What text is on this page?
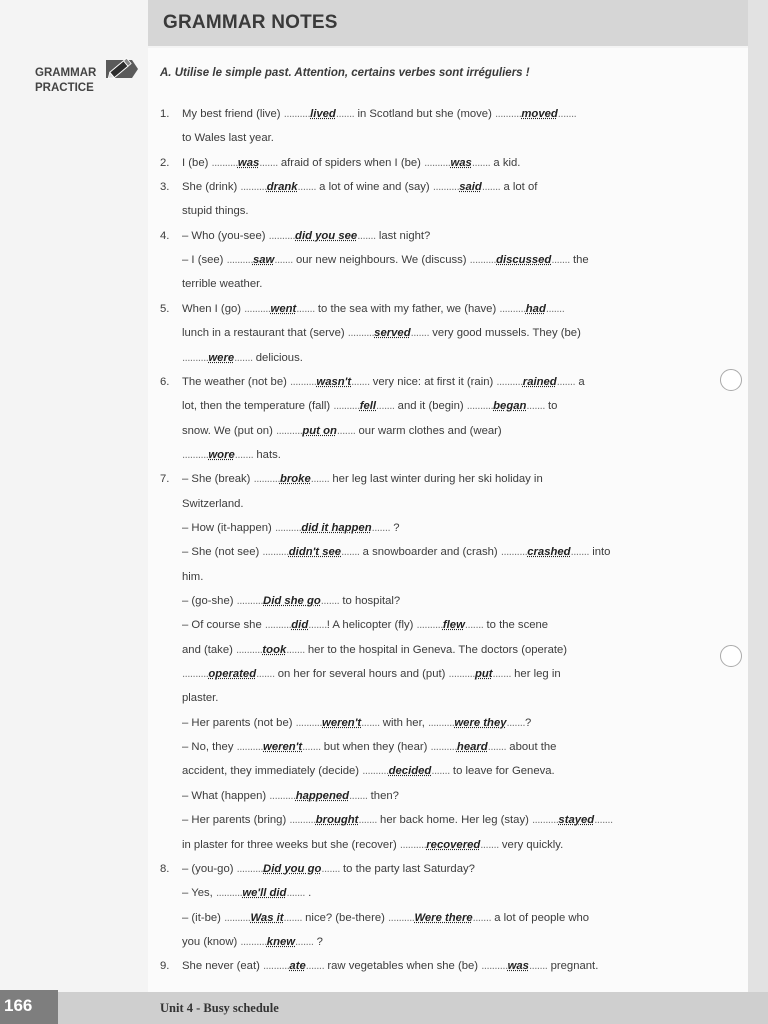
GRAMMAR NOTES
GRAMMAR
PRACTICE
A. Utilise le simple past. Attention, certains verbes sont irréguliers !
1. My best friend (live) ..........lived....... in Scotland but she (move) ..........moved.......
to Wales last year.
2. I (be) ..........was....... afraid of spiders when I (be) ..........was....... a kid.
3. She (drink) ..........drank....... a lot of wine and (say) ..........said....... a lot of
stupid things.
4. – Who (you-see) ..........did you see....... last night?
– I (see) ..........saw....... our new neighbours. We (discuss) ..........discussed....... the
terrible weather.
5. When I (go) ..........went....... to the sea with my father, we (have) ..........had.......
lunch in a restaurant that (serve) ..........served....... very good mussels. They (be)
..........were....... delicious.
6. The weather (not be) ..........wasn't....... very nice: at first it (rain) ..........rained....... a
lot, then the temperature (fall) ..........fell....... and it (begin) ..........began....... to
snow. We (put on) ..........put on....... our warm clothes and (wear)
..........wore....... hats.
7. – She (break) ..........broke....... her leg last winter during her ski holiday in
Switzerland.
– How (it-happen) ..........did it happen....... ?
– She (not see) ..........didn't see....... a snowboarder and (crash) ..........crashed....... into
him.
– (go-she) ..........Did she go....... to hospital?
– Of course she ..........did.......! A helicopter (fly) ..........flew....... to the scene
and (take) ..........took....... her to the hospital in Geneva. The doctors (operate)
..........operated....... on her for several hours and (put) ..........put....... her leg in
plaster.
– Her parents (not be) ..........weren't....... with her, ..........were they.......?
– No, they ..........weren't....... but when they (hear) ..........heard....... about the
accident, they immediately (decide) ..........decided....... to leave for Geneva.
– What (happen) ..........happened....... then?
– Her parents (bring) ..........brought....... her back home. Her leg (stay) ..........stayed.......
in plaster for three weeks but she (recover) ..........recovered....... very quickly.
8. – (you-go) ..........Did you go....... to the party last Saturday?
– Yes, ..........we'll did....... .
– (it-be) ..........Was it....... nice? (be-there) ..........Were there....... a lot of people who
you (know) ..........knew....... ?
9. She never (eat) ..........ate....... raw vegetables when she (be) ..........was....... pregnant.
166	Unit 4 - Busy schedule
